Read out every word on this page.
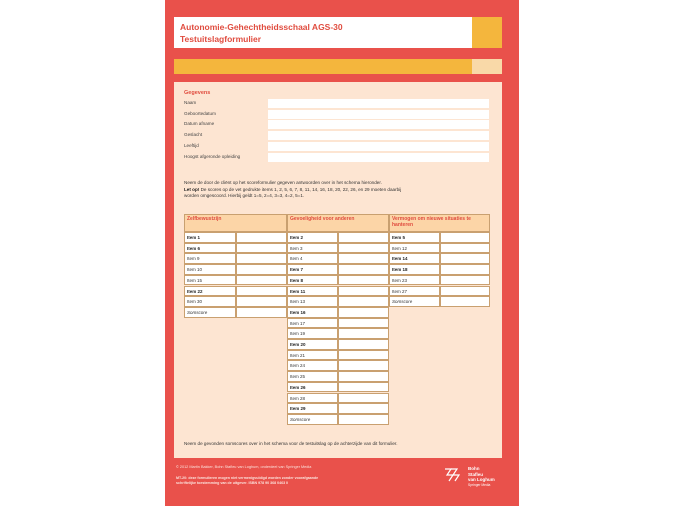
Autonomie-Gehechtheidsschaal AGS-30
Testuitslagformulier
Gegevens
Naam
Geboortedatum
Datum afname
Geslacht
Leeftijd
Hoogst afgeronde opleiding
Neem de door de cliënt op het scoreformulier gegeven antwoorden over in het schema hieronder.
Let op! De scores op de vet gedrukte items 1, 2, 5, 6, 7, 8, 11, 14, 16, 18, 20, 22, 26, en 29 moeten daarbij
worden omgescoord. Hierbij geldt 1=5, 2=4, 3=3, 4=2, 5=1.
Zelfbewustzijn
Item 1
Item 6
Item 9
Item 10
Item 15
Item 22
Item 30
Somscore
Gevoeligheid voor anderen
Item 2
Item 3
Item 4
Item 7
Item 8
Item 11
Item 13
Item 16
Item 17
Item 19
Item 20
Item 21
Item 24
Item 25
Item 26
Item 28
Item 29
Somscore
Vermogen om nieuwe situaties te hanteren
Item 5
Item 12
Item 14
Item 18
Item 23
Item 27
Somscore
Neem de gevonden somscores over in het schema voor de testuitslag op de achterzijde van dit formulier.
© 2012 Martin Bakker, Bohn Stafleu van Loghum, onderdeel van Springer Media
MT-20: deze formulieren mogen niet vermenigvuldigd worden zonder voorafgaande
schriftelijke toestemming van de uitgever. ISBN 978 90 368 0463 0
Bohn
Stafleu
van Loghum
Springer Media
